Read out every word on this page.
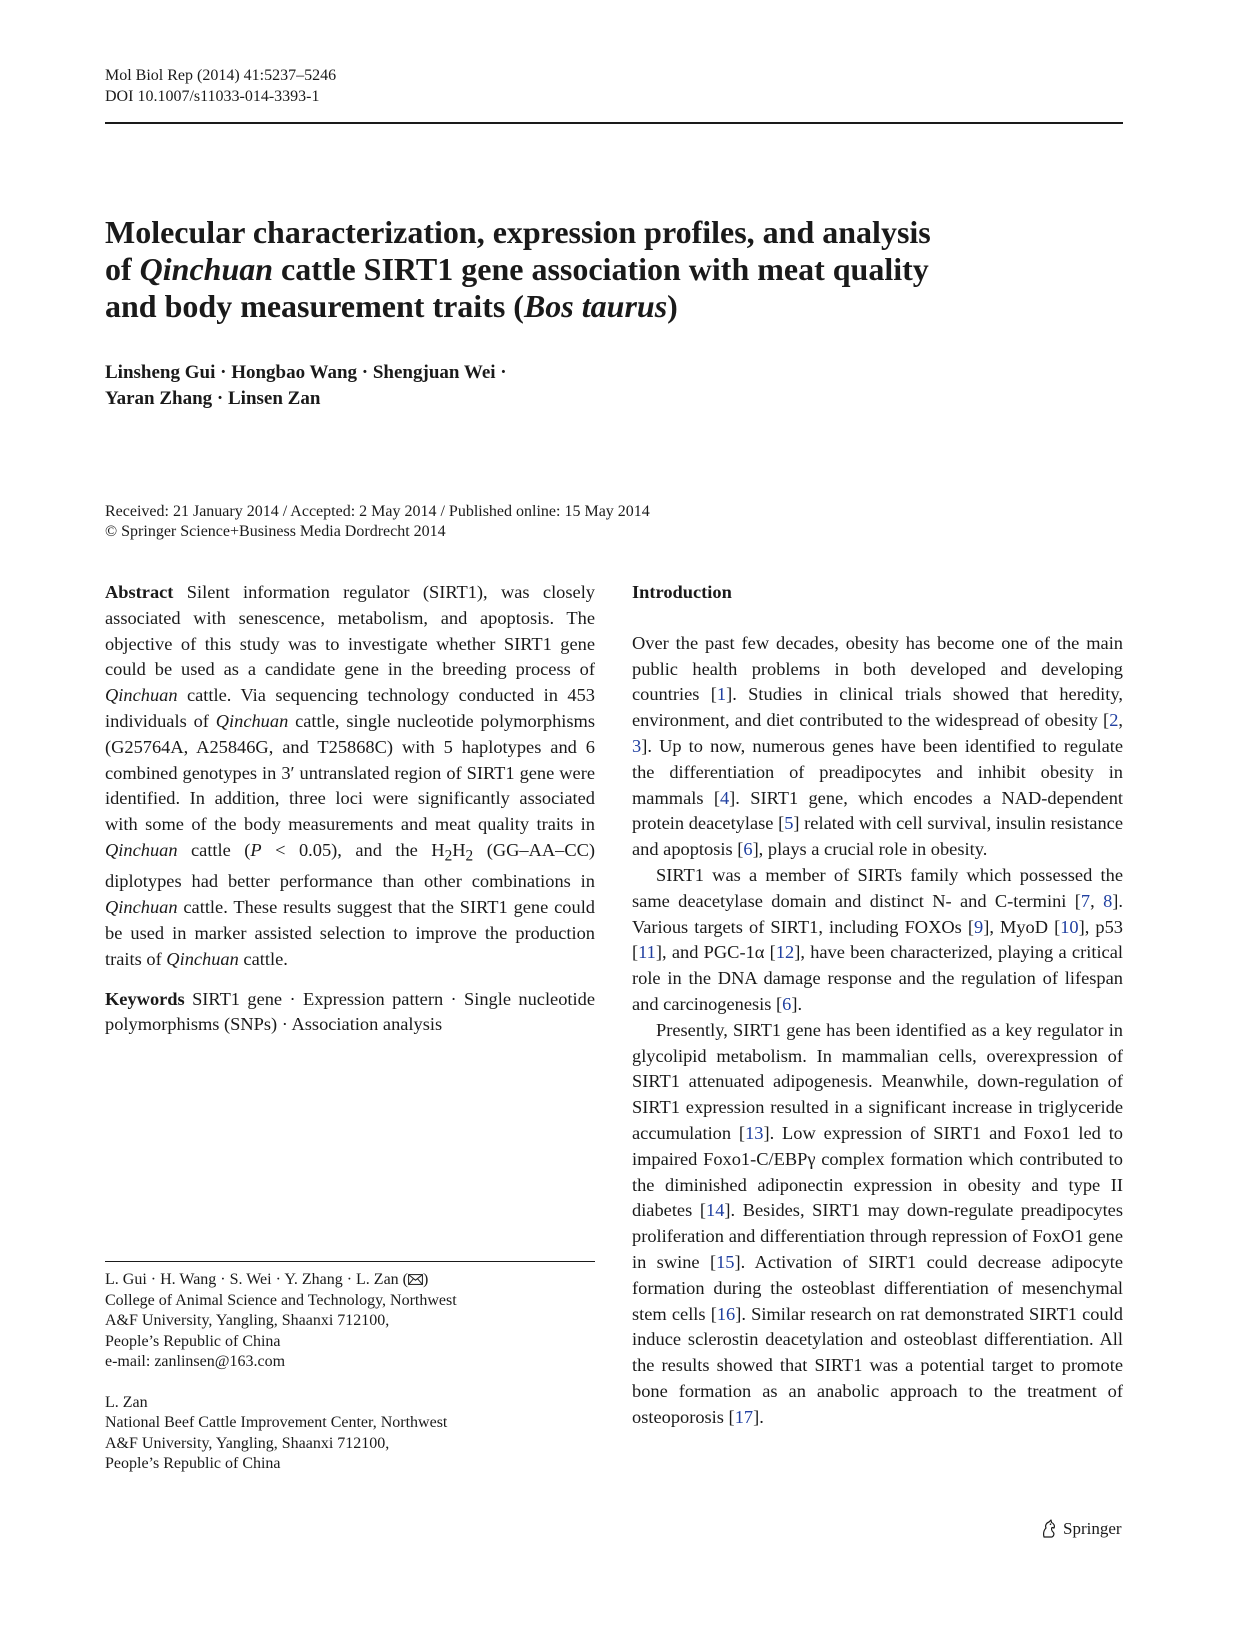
Mol Biol Rep (2014) 41:5237–5246
DOI 10.1007/s11033-014-3393-1
Molecular characterization, expression profiles, and analysis
of Qinchuan cattle SIRT1 gene association with meat quality
and body measurement traits (Bos taurus)
Linsheng Gui · Hongbao Wang · Shengjuan Wei ·
Yaran Zhang · Linsen Zan
Received: 21 January 2014 / Accepted: 2 May 2014 / Published online: 15 May 2014
© Springer Science+Business Media Dordrecht 2014

Abstract Silent information regulator (SIRT1), was closely associated with senescence, metabolism, and apoptosis. The objective of this study was to investigate whether SIRT1 gene could be used as a candidate gene in the breeding process of Qinchuan cattle. Via sequencing technology conducted in 453 individuals of Qinchuan cattle, single nucleotide polymorphisms (G25764A, A25846G, and T25868C) with 5 haplotypes and 6 combined genotypes in 3′ untranslated region of SIRT1 gene were identified. In addition, three loci were significantly associated with some of the body measurements and meat quality traits in Qinchuan cattle (P < 0.05), and the $H_2H_2$ (GG–AA–CC) diplotypes had better performance than other combinations in Qinchuan cattle. These results suggest that the SIRT1 gene could be used in marker assisted selection to improve the production traits of Qinchuan cattle.

Keywords SIRT1 gene · Expression pattern · Single nucleotide polymorphisms (SNPs) · Association analysis

L. Gui · H. Wang · S. Wei · Y. Zhang · L. Zan ( )

College of Animal Science and Technology, Northwest

A&F University, Yangling, Shaanxi 712100,

People’s Republic of China

e-mail: zanlinsen@163.com

L. Zan

National Beef Cattle Improvement Center, Northwest

A&F University, Yangling, Shaanxi 712100,

People’s Republic of China

Introduction

Over the past few decades, obesity has become one of the main public health problems in both developed and developing countries [1]. Studies in clinical trials showed that heredity, environment, and diet contributed to the widespread of obesity [2, 3]. Up to now, numerous genes have been identified to regulate the differentiation of preadipocytes and inhibit obesity in mammals [4]. SIRT1 gene, which encodes a NAD-dependent protein deacetylase [5] related with cell survival, insulin resistance and apoptosis [6], plays a crucial role in obesity.

SIRT1 was a member of SIRTs family which possessed the same deacetylase domain and distinct N- and C-termini [7, 8]. Various targets of SIRT1, including FOXOs [9], MyoD [10], p53 [11], and PGC-1α [12], have been characterized, playing a critical role in the DNA damage response and the regulation of lifespan and carcinogenesis [6].

Presently, SIRT1 gene has been identified as a key regulator in glycolipid metabolism. In mammalian cells, overexpression of SIRT1 attenuated adipogenesis. Meanwhile, down-regulation of SIRT1 expression resulted in a significant increase in triglyceride accumulation [13]. Low expression of SIRT1 and Foxo1 led to impaired Foxo1-C/EBPγ complex formation which contributed to the diminished adiponectin expression in obesity and type II diabetes [14]. Besides, SIRT1 may down-regulate preadipocytes proliferation and differentiation through repression of FoxO1 gene in swine [15]. Activation of SIRT1 could decrease adipocyte formation during the osteoblast differentiation of mesenchymal stem cells [16]. Similar research on rat demonstrated SIRT1 could induce sclerostin deacetylation and osteoblast differentiation. All the results showed that SIRT1 was a potential target to promote bone formation as an anabolic approach to the treatment of osteoporosis [17].

Springer
